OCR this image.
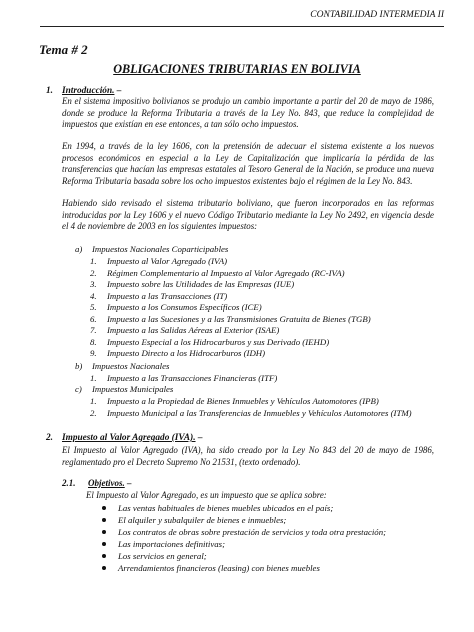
CONTABILIDAD INTERMEDIA II
Tema # 2
OBLIGACIONES TRIBUTARIAS EN BOLIVIA
1. Introducción. –

En el sistema impositivo bolivianos se produjo un cambio importante a partir del 20 de mayo de 1986, donde se produce la Reforma Tributaria a través de la Ley No. 843, que reduce la complejidad de impuestos que existían en ese entonces, a tan sólo ocho impuestos.

En 1994, a través de la ley 1606, con la pretensión de adecuar el sistema existente a los nuevos procesos económicos en especial a la Ley de Capitalización que implicaría la pérdida de las transferencias que hacían las empresas estatales al Tesoro General de la Nación, se produce una nueva Reforma Tributaria basada sobre los ocho impuestos existentes bajo el régimen de la Ley No. 843.

Habiendo sido revisado el sistema tributario boliviano, que fueron incorporados en las reformas introducidas por la Ley 1606 y el nuevo Código Tributario mediante la Ley No 2492, en vigencia desde el 4 de noviembre de 2003 en los siguientes impuestos:

a) Impuestos Nacionales Coparticipables
1. Impuesto al Valor Agregado (IVA)
2. Régimen Complementario al Impuesto al Valor Agregado (RC-IVA)
3. Impuesto sobre las Utilidades de las Empresas (IUE)
4. Impuesto a las Transacciones (IT)
5. Impuesto a los Consumos Específicos (ICE)
6. Impuesto a las Sucesiones y a las Transmisiones Gratuita de Bienes (TGB)
7. Impuesto a las Salidas Aéreas al Exterior (ISAE)
8. Impuesto Especial a los Hidrocarburos y sus Derivado (IEHD)
9. Impuesto Directo a los Hidrocarburos (IDH)
b) Impuestos Nacionales
1. Impuesto a las Transacciones Financieras (ITF)
c) Impuestos Municipales
1. Impuesto a la Propiedad de Bienes Inmuebles y Vehículos Automotores (IPB)
2. Impuesto Municipal a las Transferencias de Inmuebles y Vehículos Automotores (ITM)
2. Impuesto al Valor Agregado (IVA). –

El Impuesto al Valor Agregado (IVA), ha sido creado por la Ley No 843 del 20 de mayo de 1986, reglamentado pro el Decreto Supremo No 21531, (texto ordenado).

2.1. Objetivos. –
El Impuesto al Valor Agregado, es un impuesto que se aplica sobre:
Las ventas habituales de bienes muebles ubicados en el país;
El alquiler y subalquiler de bienes e inmuebles;
Los contratos de obras sobre prestación de servicios y toda otra prestación;
Las importaciones definitivas;
Los servicios en general;
Arrendamientos financieros (leasing) con bienes muebles
